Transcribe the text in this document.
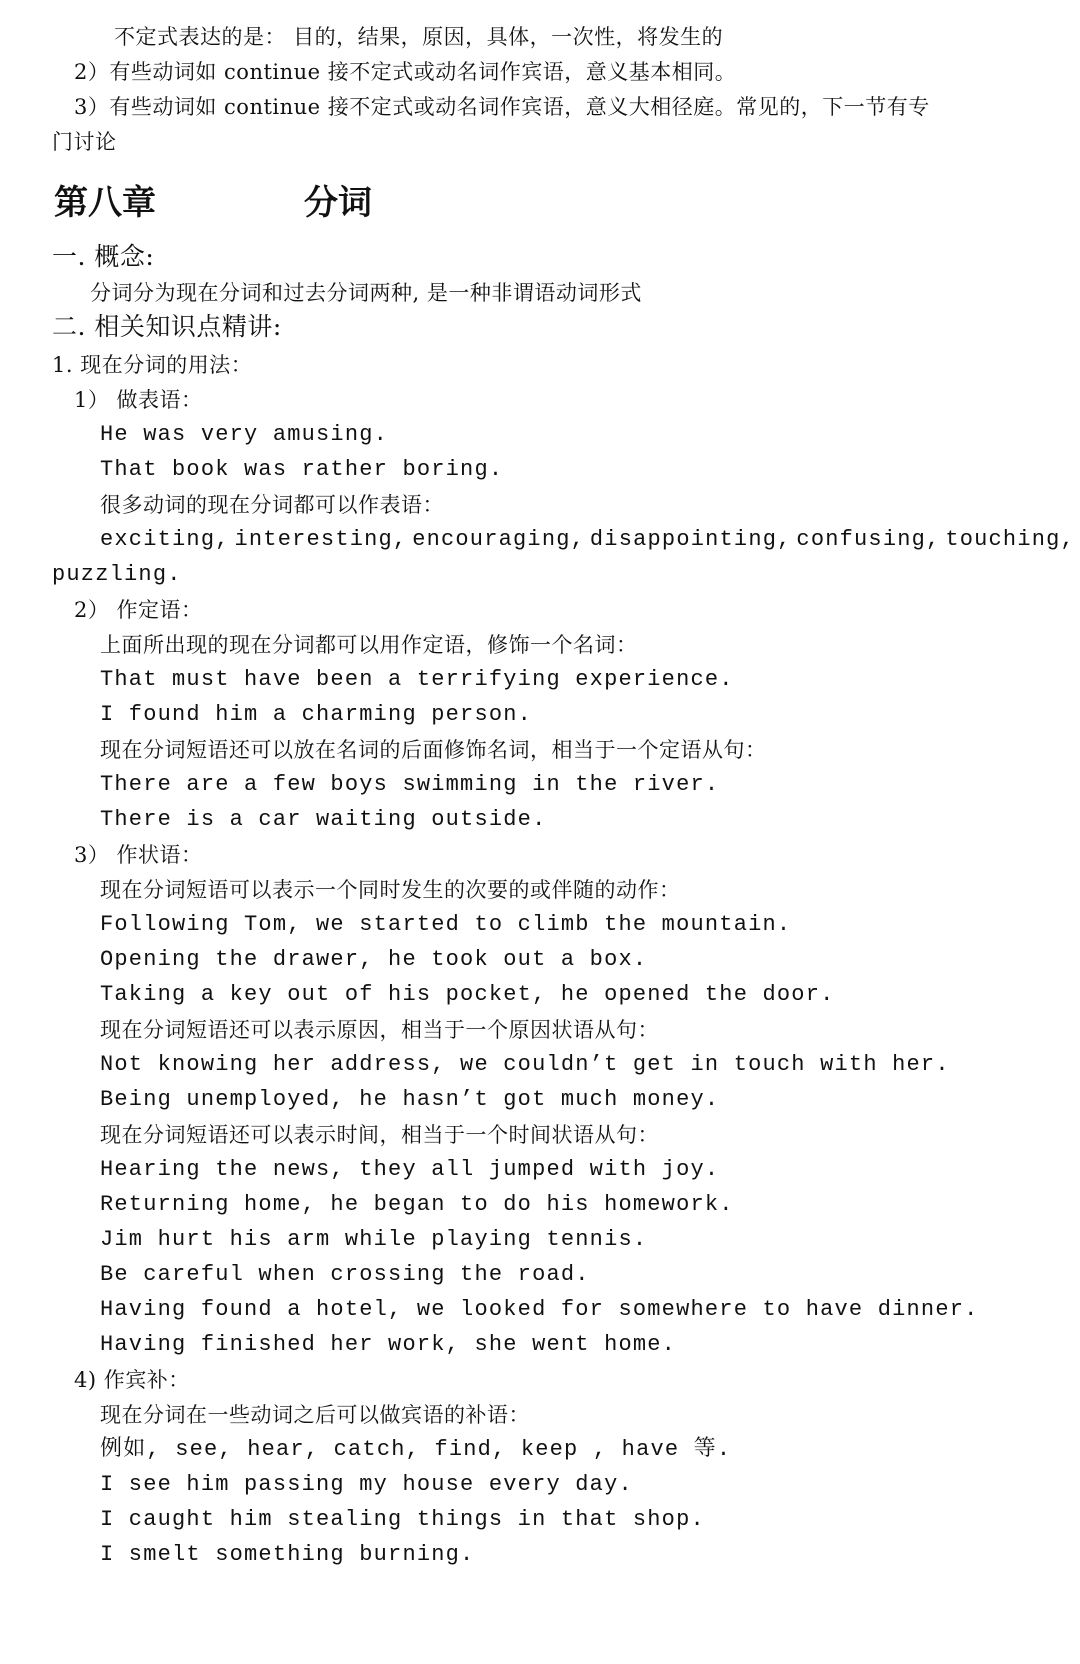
不定式表达的是： 目的，结果，原因，具体，一次性，将发生的
2）有些动词如 continue 接不定式或动名词作宾语，意义基本相同。
3）有些动词如 continue 接不定式或动名词作宾语，意义大相径庭。常见的，下一节有专
门讨论
第八章	分词
一. 概念:
分词分为现在分词和过去分词两种, 是一种非谓语动词形式
二. 相关知识点精讲:
1. 现在分词的用法：
1） 做表语：
He was very amusing.
That book was rather boring.
很多动词的现在分词都可以作表语：
exciting, interesting, encouraging, disappointing, confusing, touching,
puzzling.
2） 作定语：
上面所出现的现在分词都可以用作定语，修饰一个名词：
That must have been a terrifying experience.
I found him a charming person.
现在分词短语还可以放在名词的后面修饰名词，相当于一个定语从句：
There are a few boys swimming in the river.
There is a car waiting outside.
3） 作状语：
现在分词短语可以表示一个同时发生的次要的或伴随的动作：
Following Tom, we started to climb the mountain.
Opening the drawer, he took out a box.
Taking a key out of his pocket, he opened the door.
现在分词短语还可以表示原因，相当于一个原因状语从句：
Not knowing her address, we couldn’t get in touch with her.
Being unemployed, he hasn’t got much money.
现在分词短语还可以表示时间，相当于一个时间状语从句：
Hearing the news, they all jumped with joy.
Returning home, he began to do his homework.
Jim hurt his arm while playing tennis.
Be careful when crossing the road.
Having found a hotel, we looked for somewhere to have dinner.
Having finished her work, she went home.
4) 作宾补：
现在分词在一些动词之后可以做宾语的补语：
例如, see, hear, catch, find, keep , have 等.
I see him passing my house every day.
I caught him stealing things in that shop.
I smelt something burning.
